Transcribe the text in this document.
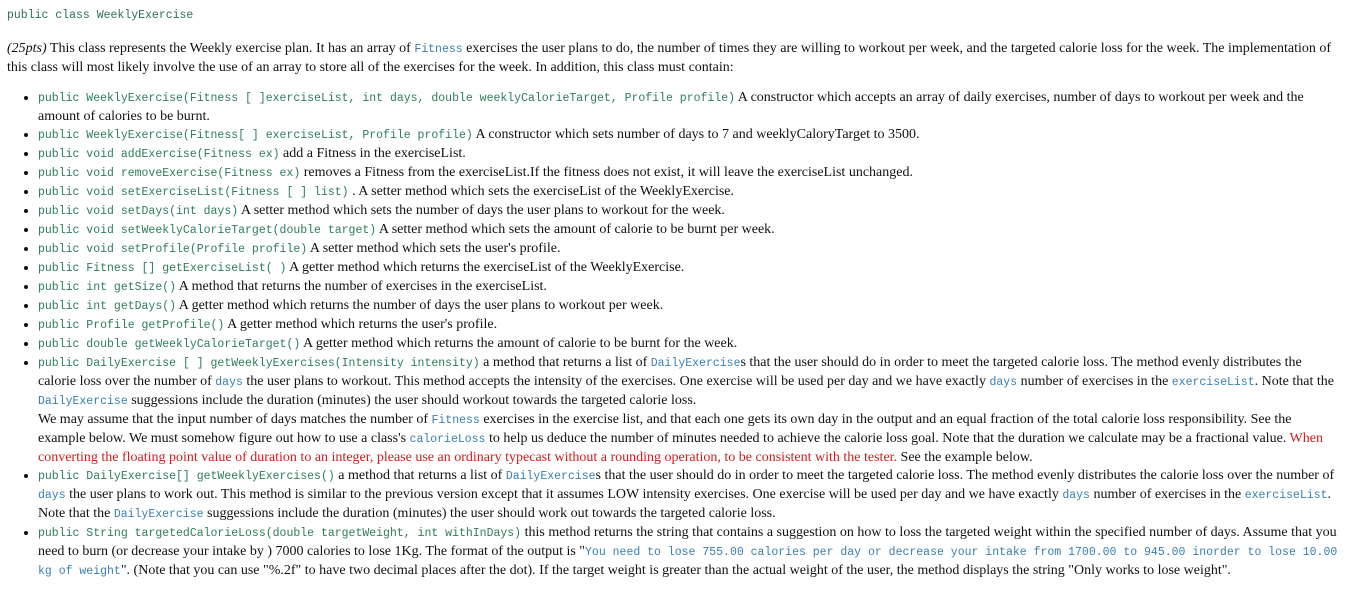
public class WeeklyExercise
(25pts) This class represents the Weekly exercise plan. It has an array of Fitness exercises the user plans to do, the number of times they are willing to workout per week, and the targeted calorie loss for the week. The implementation of this class will most likely involve the use of an array to store all of the exercises for the week. In addition, this class must contain:
• public WeeklyExercise(Fitness [ ]exerciseList, int days, double weeklyCalorieTarget, Profile profile) A constructor which accepts an array of daily exercises, number of days to workout per week and the amount of calories to be burnt.
• public WeeklyExercise(Fitness[ ] exerciseList, Profile profile) A constructor which sets number of days to 7 and weeklyCaloryTarget to 3500.
• public void addExercise(Fitness ex) add a Fitness in the exerciseList.
• public void removeExercise(Fitness ex) removes a Fitness from the exerciseList.If the fitness does not exist, it will leave the exerciseList unchanged.
• public void setExerciseList(Fitness [ ] list) . A setter method which sets the exerciseList of the WeeklyExercise.
• public void setDays(int days) A setter method which sets the number of days the user plans to workout for the week.
• public void setWeeklyCalorieTarget(double target) A setter method which sets the amount of calorie to be burnt per week.
• public void setProfile(Profile profile) A setter method which sets the user's profile.
• public Fitness [] getExerciseList( ) A getter method which returns the exerciseList of the WeeklyExercise.
• public int getSize() A method that returns the number of exercises in the exerciseList.
• public int getDays() A getter method which returns the number of days the user plans to workout per week.
• public Profile getProfile() A getter method which returns the user's profile.
• public double getWeeklyCalorieTarget() A getter method which returns the amount of calorie to be burnt for the week.
• public DailyExercise [ ] getWeeklyExercises(Intensity intensity) a method that returns a list of DailyExercises that the user should do in order to meet the targeted calorie loss. The method evenly distributes the calorie loss over the number of days the user plans to workout. This method accepts the intensity of the exercises. One exercise will be used per day and we have exactly days number of exercises in the exerciseList. Note that the DailyExercise suggessions include the duration (minutes) the user should workout towards the targeted calorie loss.
We may assume that the input number of days matches the number of Fitness exercises in the exercise list, and that each one gets its own day in the output and an equal fraction of the total calorie loss responsibility. See the example below. We must somehow figure out how to use a class's calorieLoss to help us deduce the number of minutes needed to achieve the calorie loss goal. Note that the duration we calculate may be a fractional value. When converting the floating point value of duration to an integer, please use an ordinary typecast without a rounding operation, to be consistent with the tester. See the example below.
• public DailyExercise[] getWeeklyExercises() a method that returns a list of DailyExercises that the user should do in order to meet the targeted calorie loss. The method evenly distributes the calorie loss over the number of days the user plans to work out. This method is similar to the previous version except that it assumes LOW intensity exercises. One exercise will be used per day and we have exactly days number of exercises in the exerciseList. Note that the DailyExercise suggessions include the duration (minutes) the user should work out towards the targeted calorie loss.
• public String targetedCalorieLoss(double targetWeight, int withInDays) this method returns the string that contains a suggestion on how to loss the targeted weight within the specified number of days. Assume that you need to burn (or decrease your intake by ) 7000 calories to lose 1Kg. The format of the output is "You need to lose 755.00 calories per day or decrease your intake from 1700.00 to 945.00 inorder to lose 10.00 kg of weight". (Note that you can use "%.2f" to have two decimal places after the dot). If the target weight is greater than the actual weight of the user, the method displays the string "Only works to lose weight".
